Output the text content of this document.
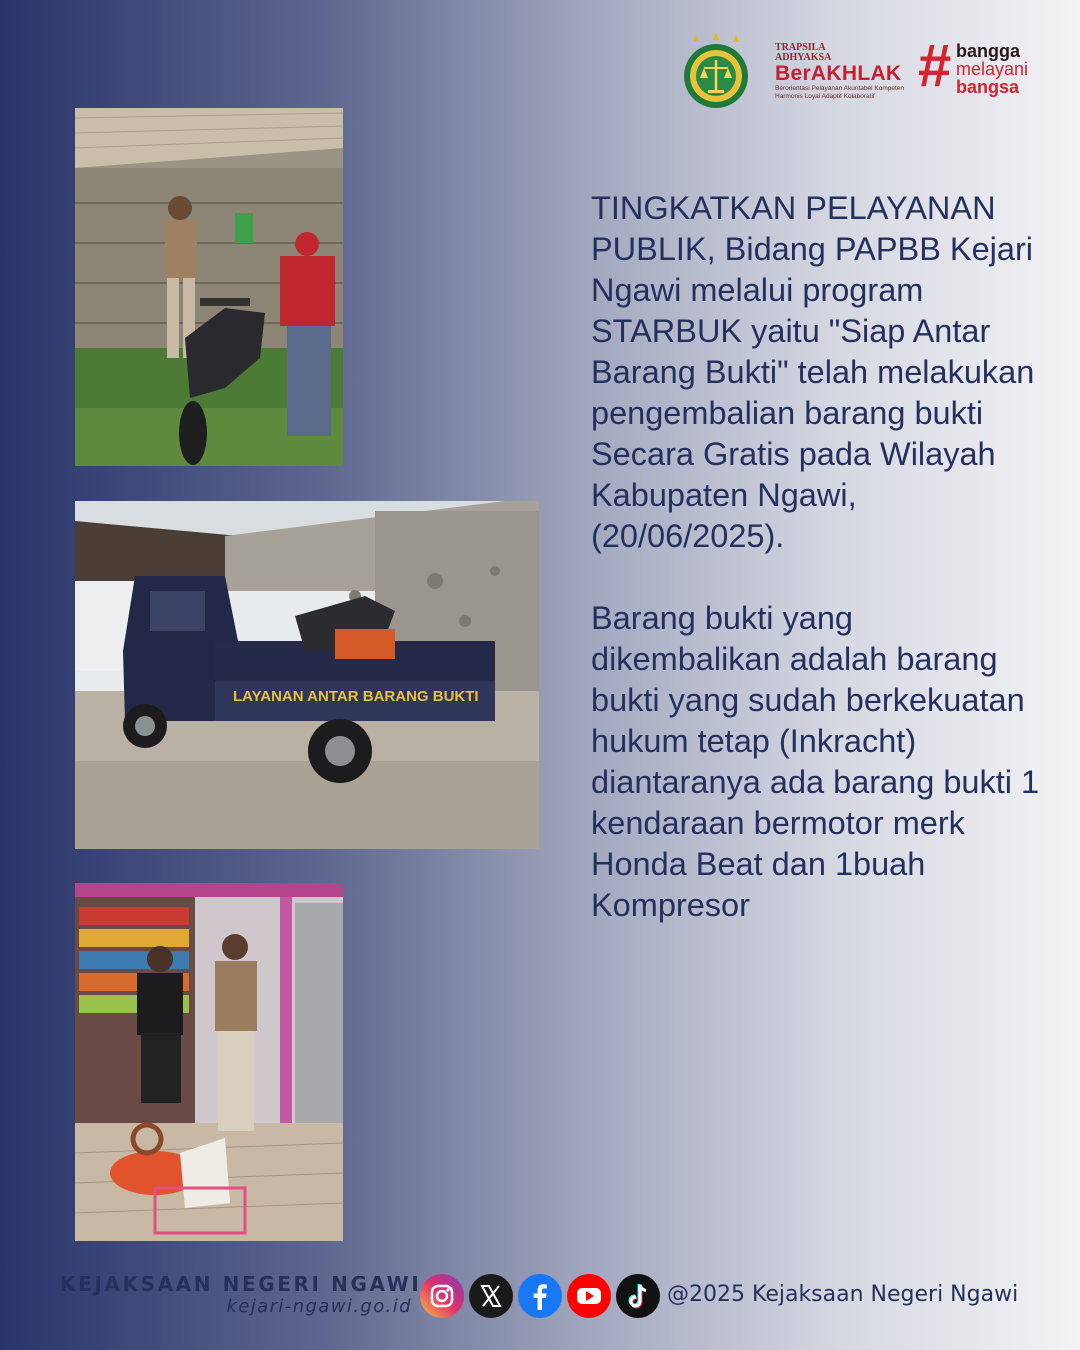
TRAPSILA
ADHYAKSA
BerAKHLAK
Berorientasi Pelayanan Akuntabel Kompeten
Harmonis Loyal Adaptif Kolaboratif # bangga
melayani
bangsa
LAYANAN ANTAR BARANG BUKTI

TINGKATKAN PELAYANAN PUBLIK, Bidang PAPBB Kejari Ngawi melalui program STARBUK yaitu "Siap Antar Barang Bukti" telah melakukan pengembalian barang bukti Secara Gratis pada Wilayah Kabupaten Ngawi, (20/06/2025).

Barang bukti yang dikembalikan adalah barang bukti yang sudah berkekuatan hukum tetap (Inkracht) diantaranya ada barang bukti 1 kendaraan bermotor merk Honda Beat dan 1buah Kompresor

KEJAKSAAN NEGERI NGAWI
kejari-ngawi.go.id	@2025 Kejaksaan Negeri Ngawi
